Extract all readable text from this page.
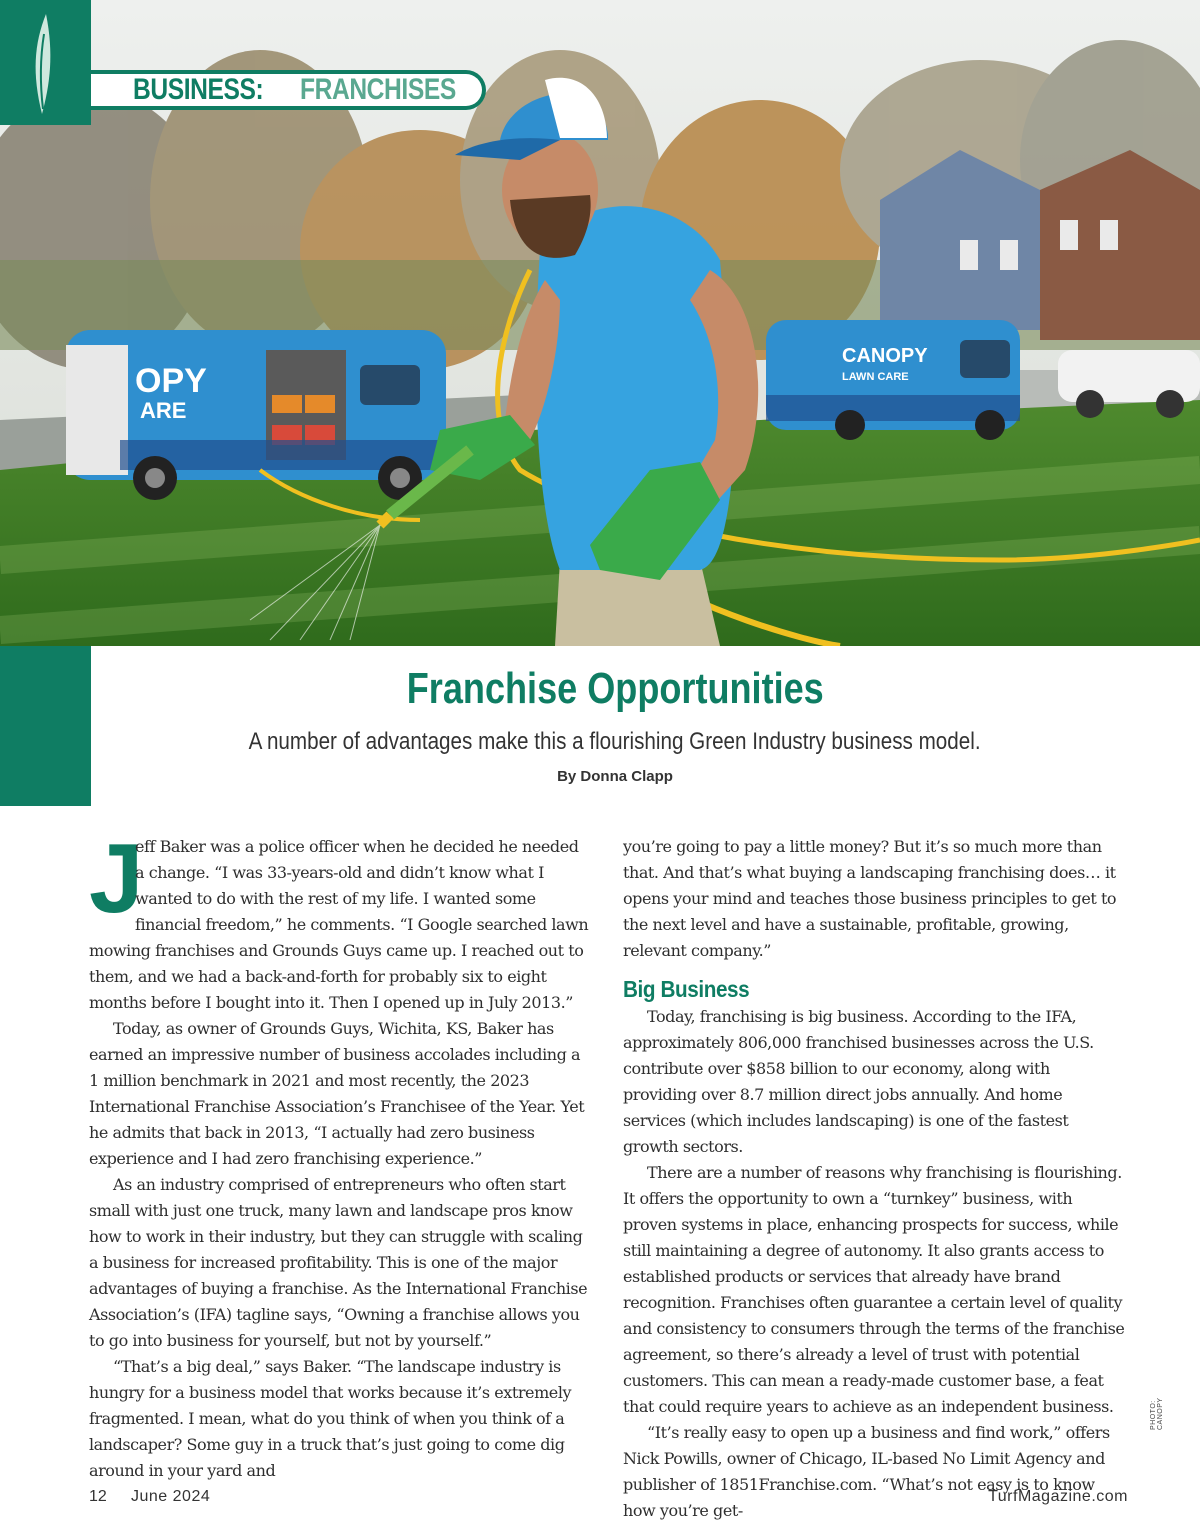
OPY
ARE
CANOPY
LAWN CARE
BUSINESS: FRANCHISES
Franchise Opportunities
A number of advantages make this a flourishing Green Industry business model.
By Donna Clapp

J
eff Baker was a police officer when he decided he needed a change. “I was 33-years-old and didn’t know what I wanted to do with the rest of my life. I wanted some financial freedom,” he comments. “I Google searched lawn mowing franchises and Grounds Guys came up. I reached out to them, and we had a back-and-forth for probably six to eight months before I bought into it. Then I opened up in July 2013.”

Today, as owner of Grounds Guys, Wichita, KS, Baker has earned an impressive number of business accolades including a 1 million benchmark in 2021 and most recently, the 2023 International Franchise Association’s Franchisee of the Year. Yet he admits that back in 2013, “I actually had zero business experience and I had zero franchising experience.”

As an industry comprised of entrepreneurs who often start small with just one truck, many lawn and landscape pros know how to work in their industry, but they can struggle with scaling a business for increased profitability. This is one of the major advantages of buying a franchise. As the International Franchise Association’s (IFA) tagline says, “Owning a franchise allows you to go into business for yourself, but not by yourself.”

“That’s a big deal,” says Baker. “The landscape industry is hungry for a business model that works because it’s extremely fragmented. I mean, what do you think of when you think of a landscaper? Some guy in a truck that’s just going to come dig around in your yard and

you’re going to pay a little money? But it’s so much more than that. And that’s what buying a landscaping franchising does… it opens your mind and teaches those business principles to get to the next level and have a sustainable, profitable, growing, relevant company.”

Big Business

Today, franchising is big business. According to the IFA, approximately 806,000 franchised businesses across the U.S. contribute over $858 billion to our economy, along with providing over 8.7 million direct jobs annually. And home services (which includes landscaping) is one of the fastest growth sectors.

There are a number of reasons why franchising is flourishing. It offers the opportunity to own a “turnkey” business, with proven systems in place, enhancing prospects for success, while still maintaining a degree of autonomy. It also grants access to established products or services that already have brand recognition. Franchises often guarantee a certain level of quality and consistency to consumers through the terms of the franchise agreement, so there’s already a level of trust with potential customers. This can mean a ready-made customer base, a feat that could require years to achieve as an independent business.

“It’s really easy to open up a business and find work,” offers Nick Powills, owner of Chicago, IL-based No Limit Agency and publisher of 1851Franchise.com. “What’s not easy is to know how you’re get-

PHOTO: CANOPY
12 June 2024	TurfMagazine.com
